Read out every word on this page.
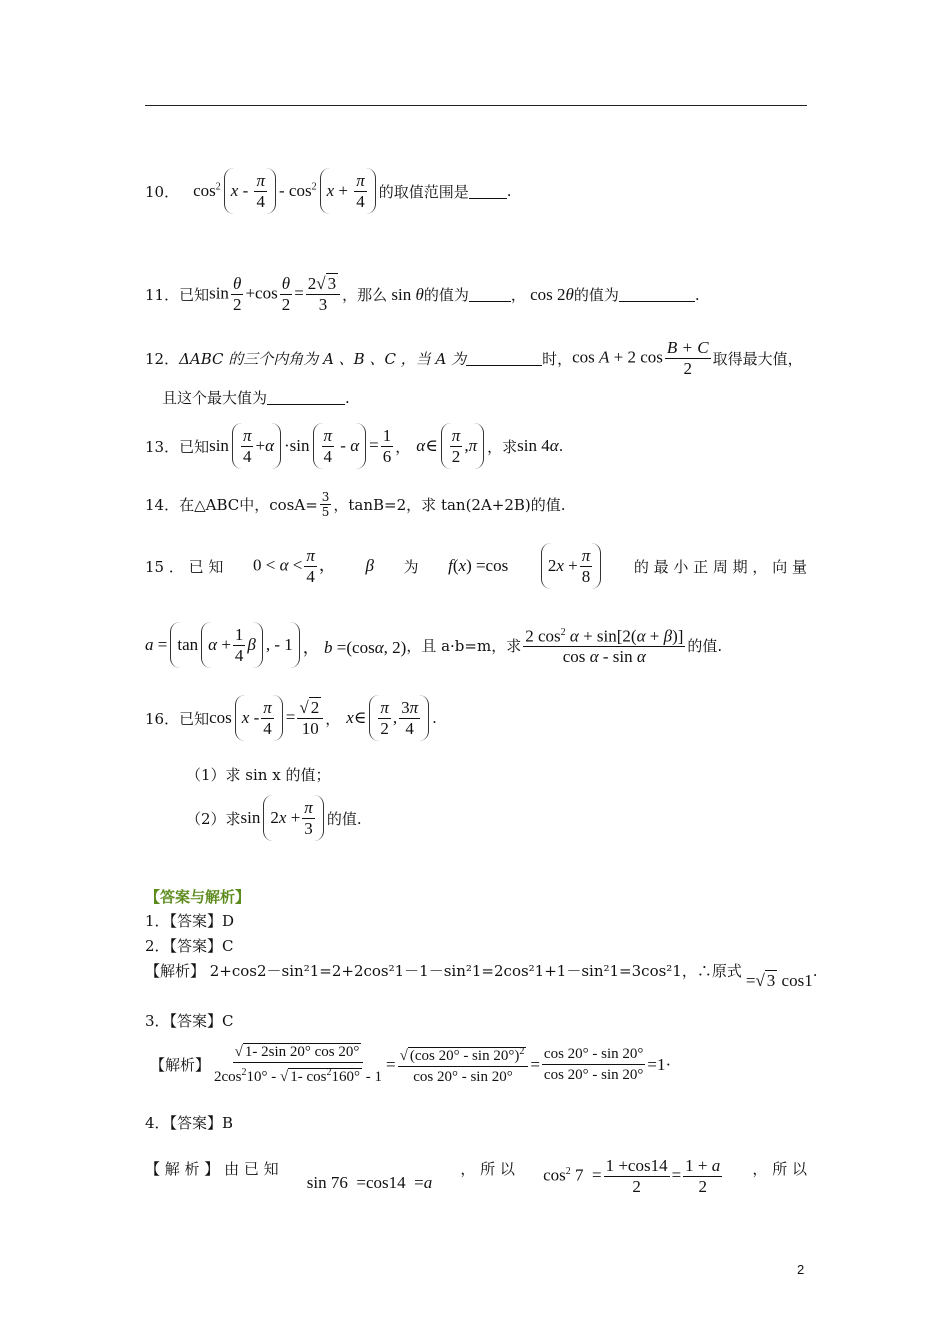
10． $\cos^2 x - \frac{\pi}{4} - \cos^2 x + \frac{\pi}{4}$ 的取值范围是	.
11．已知 $\sin \frac{\theta}{2} +\cos \frac{\theta}{2} = \frac{2√ 3}{3}$ ，那么 sin θ 的值为	， cos 2θ 的值为	.
12． ΔABC 的三个内角为 A 、B 、C ，当 A 为	时， cos A + 2 $\cos \frac{B + C}{2}$ 取得最大值，
且这个最大值为	.
13．已知 $\sin \frac{\pi}{4} + \alpha \cdot\sin \frac{\pi}{4} - \alpha = \frac{1}{6}$ ， α ∈ $\frac{\pi}{2}$ , π ，求 sin 4α .
14．在△ABC中，$\cos A= \frac{3}{5}$ ，tanB=2，求 tan(2A+2B)的值.
15 ． 已 知 $0 < \alpha < \frac{\pi}{4}$ ， β 为 f(x) =cos	2 $x + \frac{\pi}{8}$	的 最 小 正 周 期 ， 向 量
$a = \tan \alpha + \frac{1}{4}$ β , - 1 ， b =(cosα, 2) ，且 a·b=m，求 $\frac{2 \cos^2 \alpha + \sin[2(\alpha + \beta)]}{\text{cos α - sin α}}$ 的值.
16．已知 $\cos x - \frac{\pi}{4} = \frac{√ 2}{10}$ ， x ∈ $\frac{\pi}{2}$ , $\frac{3\pi}{4}$ .
（1）求 sin x 的值；
（2）求 sin 2 $x + \frac{\pi}{3}$ 的值.
【答案与解析】
1．【答案】D
2．【答案】C
【解析】 2+cos2－sin²1=2+2cos²1－1－sin²1=2cos²1+1－sin²1=3cos²1，∴原式 =√ 3 cos1 .
3．【答案】C
【解析】 $\frac{√ 1- 2\sin 20^\circ \cos 20^\circ}{2\cos^210^\circ - √ 1- \cos^2160^\circ - 1} = \frac{√ (\cos 20^\circ - \sin 20^\circ)^2}{\cos 20^\circ - \sin 20^\circ} = \frac{\cos 20^\circ - \sin 20^\circ}{\cos 20^\circ - \sin 20^\circ} =1\cdot$
4．【答案】B
【 解 析 】 由 已 知
sin 76  =cos14  =a
， 所 以 $\cos^2 7 = \frac{1 +\cos 14}{2} = \frac{1 + a}{2}$ ， 所 以
2
